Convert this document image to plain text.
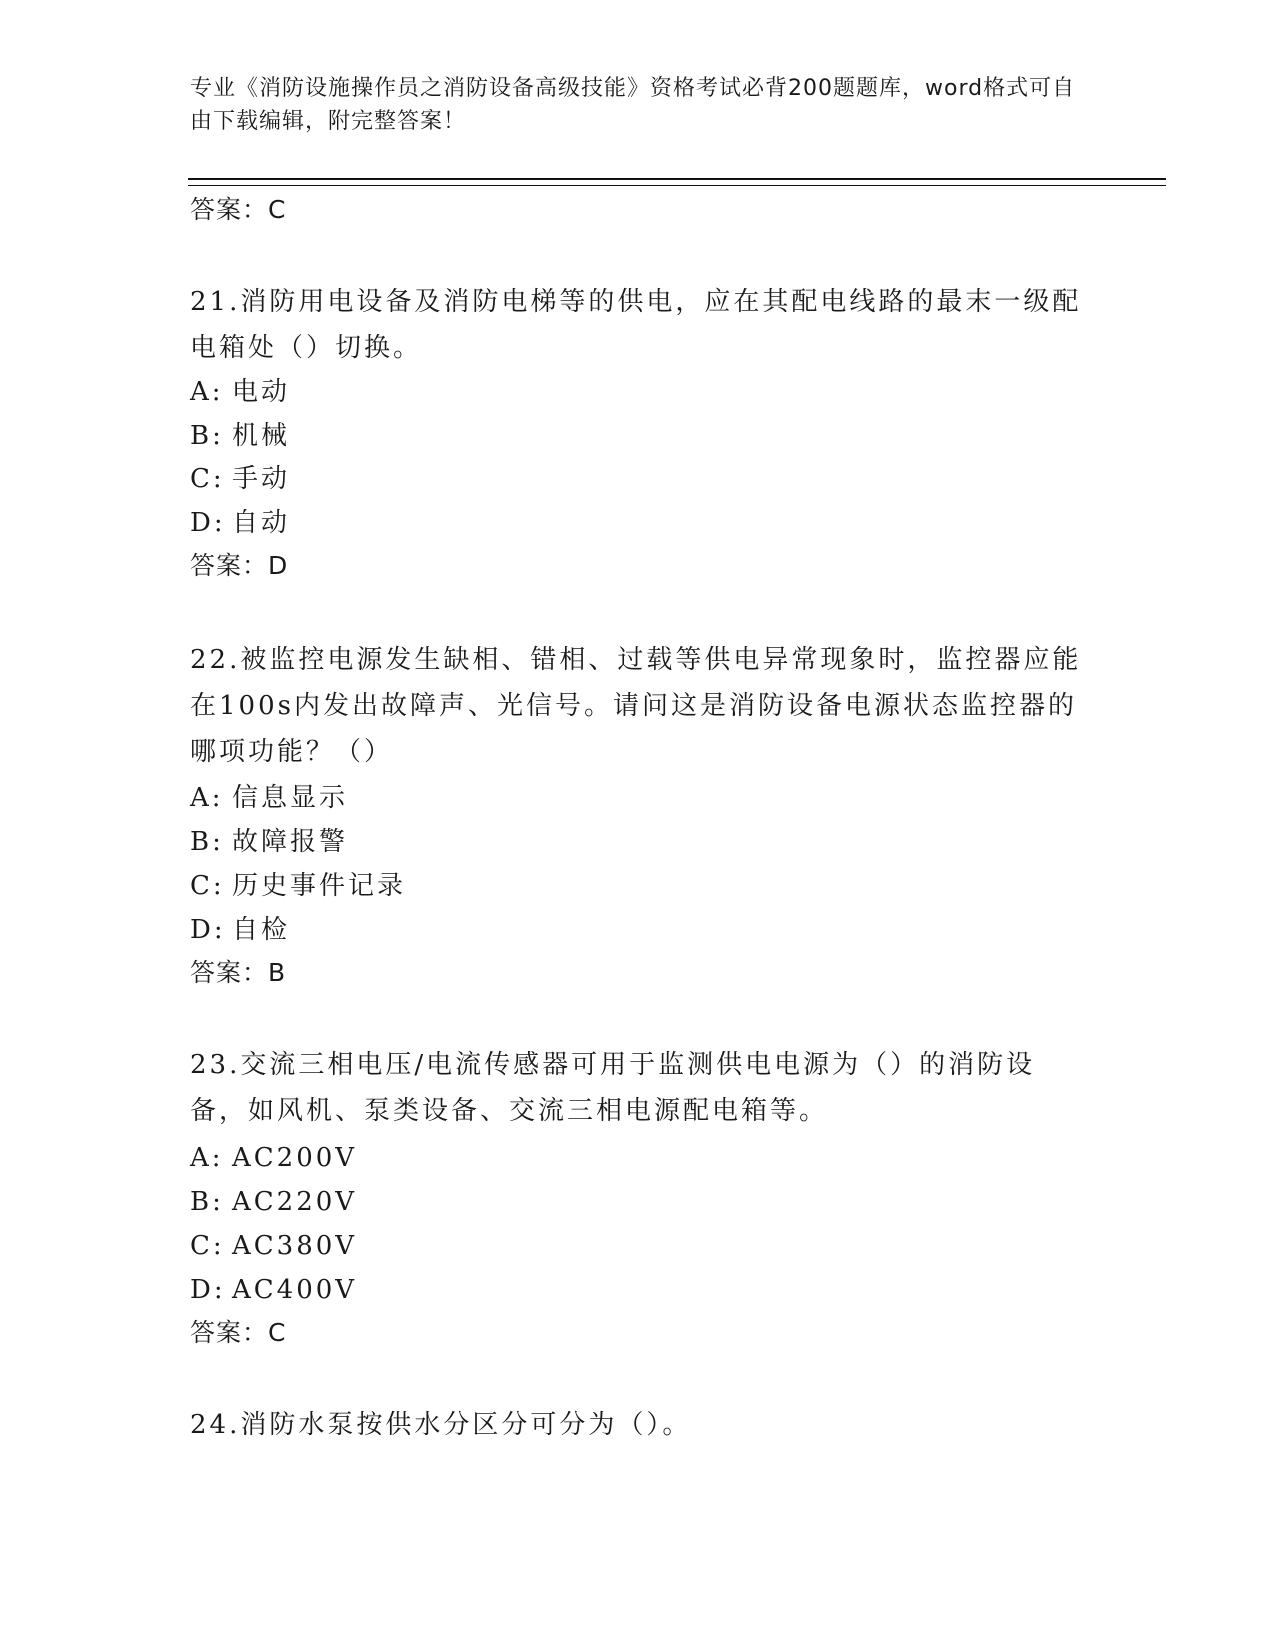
专业《消防设施操作员之消防设备高级技能》资格考试必背200题题库，word格式可自由下载编辑，附完整答案！
答案：C
21.消防用电设备及消防电梯等的供电，应在其配电线路的最末一级配电箱处（）切换。
A: 电动
B: 机械
C: 手动
D: 自动
答案：D
22.被监控电源发生缺相、错相、过载等供电异常现象时，监控器应能在100s内发出故障声、光信号。请问这是消防设备电源状态监控器的哪项功能？（）
A: 信息显示
B: 故障报警
C: 历史事件记录
D: 自检
答案：B
23.交流三相电压/电流传感器可用于监测供电电源为（）的消防设备，如风机、泵类设备、交流三相电源配电箱等。
A: AC200V
B: AC220V
C: AC380V
D: AC400V
答案：C
24.消防水泵按供水分区分可分为（）。
